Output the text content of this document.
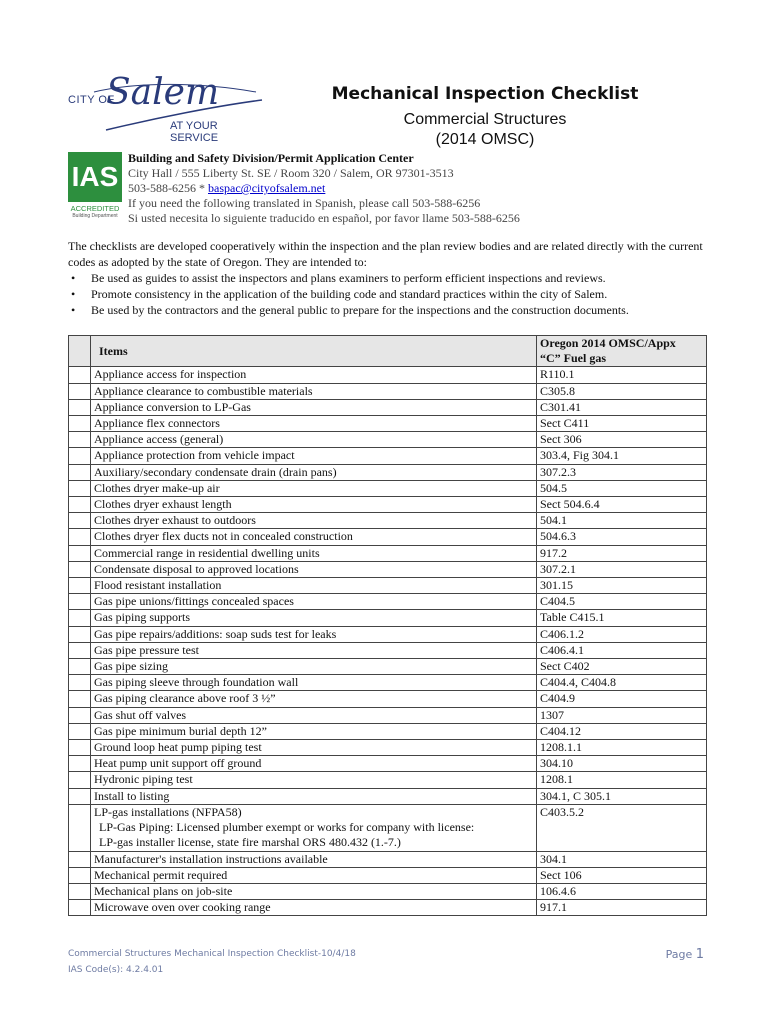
CITY OF
Salem
AT YOUR SERVICE
Mechanical Inspection Checklist
Commercial Structures
(2014 OMSC)
IAS
ACCREDITED
Building Department
Building and Safety Division/Permit Application Center
City Hall / 555 Liberty St. SE / Room 320 / Salem, OR 97301-3513
503-588-6256 * baspac@cityofsalem.net
If you need the following translated in Spanish, please call 503-588-6256
Si usted necesita lo siguiente traducido en español, por favor llame 503-588-6256

The checklists are developed cooperatively within the inspection and the plan review bodies and are related directly with the current codes as adopted by the state of Oregon. They are intended to:

• Be used as guides to assist the inspectors and plans examiners to perform efficient inspections and reviews.
• Promote consistency in the application of the building code and standard practices within the city of Salem.
• Be used by the contractors and the general public to prepare for the inspections and the construction documents.
	Items	Oregon 2014 OMSC/Appx
“C” Fuel gas

	Appliance access for inspection	R110.1
	Appliance clearance to combustible materials	C305.8
	Appliance conversion to LP-Gas	C301.41
	Appliance flex connectors	Sect C411
	Appliance access (general)	Sect 306
	Appliance protection from vehicle impact	303.4, Fig 304.1
	Auxiliary/secondary condensate drain (drain pans)	307.2.3
	Clothes dryer make-up air	504.5
	Clothes dryer exhaust length	Sect 504.6.4
	Clothes dryer exhaust to outdoors	504.1
	Clothes dryer flex ducts not in concealed construction	504.6.3
	Commercial range in residential dwelling units	917.2
	Condensate disposal to approved locations	307.2.1
	Flood resistant installation	301.15
	Gas pipe unions/fittings concealed spaces	C404.5
	Gas piping supports	Table C415.1
	Gas pipe repairs/additions: soap suds test for leaks	C406.1.2
	Gas pipe pressure test	C406.4.1
	Gas pipe sizing	Sect C402
	Gas piping sleeve through foundation wall	C404.4, C404.8
	Gas piping clearance above roof 3 ½”	C404.9
	Gas shut off valves	1307
	Gas pipe minimum burial depth 12”	C404.12
	Ground loop heat pump piping test	1208.1.1
	Heat pump unit support off ground	304.10
	Hydronic piping test	1208.1
	Install to listing	304.1, C 305.1

	LP-gas installations (NFPA58)
LP-Gas Piping: Licensed plumber exempt or works for company with license:
LP-gas installer license, state fire marshal ORS 480.432 (1.-7.)	C403.5.2
	Manufacturer's installation instructions available	304.1
	Mechanical permit required	Sect 106
	Mechanical plans on job-site	106.4.6
	Microwave oven over cooking range	917.1
Commercial Structures Mechanical Inspection Checklist-10/4/18
IAS Code(s): 4.2.4.01
Page 1
